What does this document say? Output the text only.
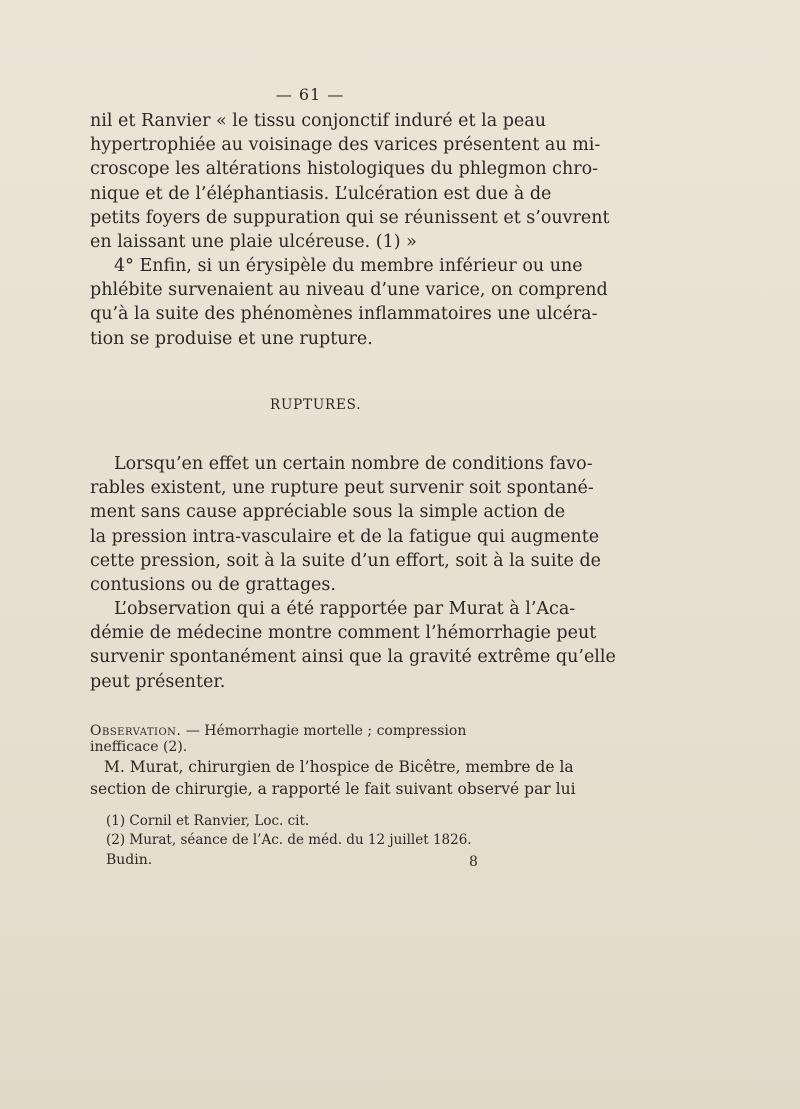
— 61 —

nil et Ranvier « le tissu conjonctif induré et la peau
hypertrophiée au voisinage des varices présentent au mi-
croscope les altérations histologiques du phlegmon chro-
nique et de l’éléphantiasis. L’ulcération est due à de
petits foyers de suppuration qui se réunissent et s’ouvrent
en laissant une plaie ulcéreuse. (1) »

4° Enfin, si un érysipèle du membre inférieur ou une
phlébite survenaient au niveau d’une varice, on comprend
qu’à la suite des phénomènes inflammatoires une ulcéra-
tion se produise et une rupture.

RUPTURES.

Lorsqu’en effet un certain nombre de conditions favo-
rables existent, une rupture peut survenir soit spontané-
ment sans cause appréciable sous la simple action de
la pression intra-vasculaire et de la fatigue qui augmente
cette pression, soit à la suite d’un effort, soit à la suite de
contusions ou de grattages.

L’observation qui a été rapportée par Murat à l’Aca-
démie de médecine montre comment l’hémorrhagie peut
survenir spontanément ainsi que la gravité extrême qu’elle
peut présenter.

Observation. — Hémorrhagie mortelle ; compression inefficace (2).

M. Murat, chirurgien de l’hospice de Bicêtre, membre de la
section de chirurgie, a rapporté le fait suivant observé par lui

(1) Cornil et Ranvier, Loc. cit.
(2) Murat, séance de l’Ac. de méd. du 12 juillet 1826.
Budin.	8
